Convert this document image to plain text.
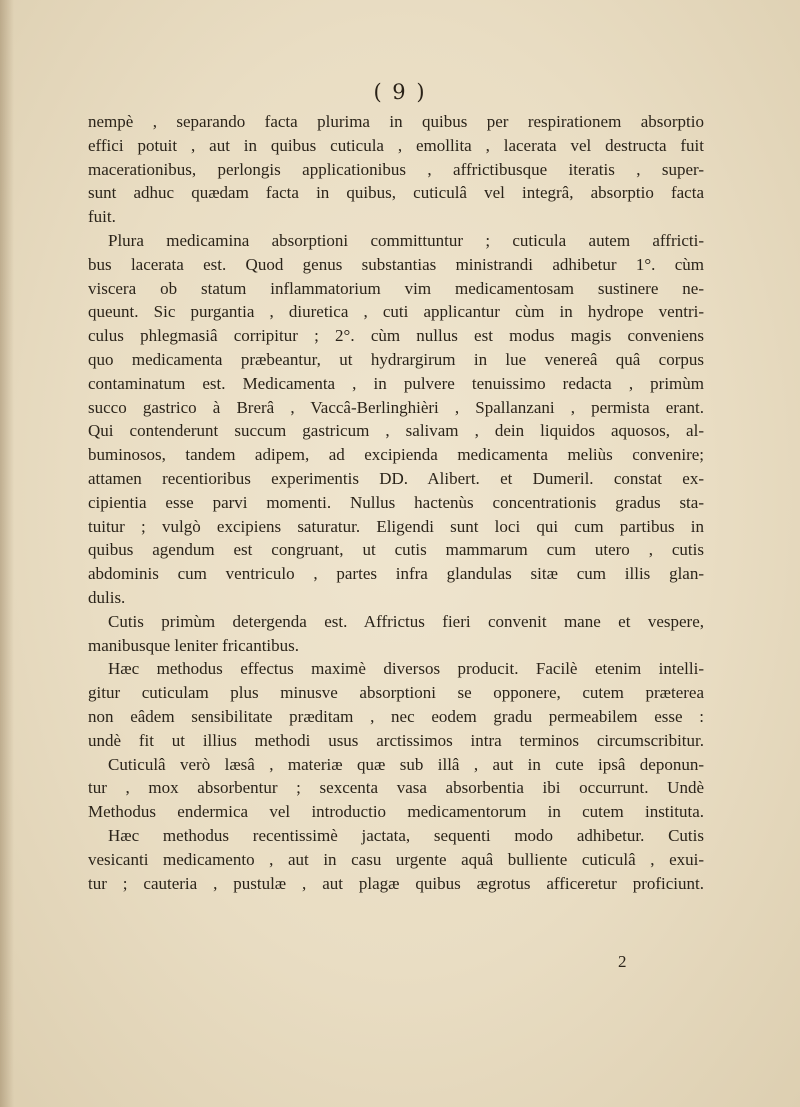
( 9 )
nempè , separando facta plurima in quibus per respirationem absorptio
effici potuit , aut in quibus cuticula , emollita , lacerata vel destructa fuit
macerationibus, perlongis applicationibus , affrictibusque iteratis , super-
sunt adhuc quædam facta in quibus, cuticulâ vel integrâ, absorptio facta
fuit.
Plura medicamina absorptioni committuntur ; cuticula autem affricti-
bus lacerata est. Quod genus substantias ministrandi adhibetur 1°. cùm
viscera ob statum inflammatorium vim medicamentosam sustinere ne-
queunt. Sic purgantia , diuretica , cuti applicantur cùm in hydrope ventri-
culus phlegmasiâ corripitur ; 2°. cùm nullus est modus magis conveniens
quo medicamenta præbeantur, ut hydrargirum in lue venereâ quâ corpus
contaminatum est. Medicamenta , in pulvere tenuissimo redacta , primùm
succo gastrico à Brerâ , Vaccâ-Berlinghièri , Spallanzani , permista erant.
Qui contenderunt succum gastricum , salivam , dein liquidos aquosos, al-
buminosos, tandem adipem, ad excipienda medicamenta meliùs convenire;
attamen recentioribus experimentis DD. Alibert. et Dumeril. constat ex-
cipientia esse parvi momenti. Nullus hactenùs concentrationis gradus sta-
tuitur ; vulgò excipiens saturatur. Eligendi sunt loci qui cum partibus in
quibus agendum est congruant, ut cutis mammarum cum utero , cutis
abdominis cum ventriculo , partes infra glandulas sitæ cum illis glan-
dulis.
Cutis primùm detergenda est. Affrictus fieri convenit mane et vespere,
manibusque leniter fricantibus.
Hæc methodus effectus maximè diversos producit. Facilè etenim intelli-
gitur cuticulam plus minusve absorptioni se opponere, cutem præterea
non eâdem sensibilitate præditam , nec eodem gradu permeabilem esse :
undè fit ut illius methodi usus arctissimos intra terminos circumscribitur.
Cuticulâ verò læsâ , materiæ quæ sub illâ , aut in cute ipsâ deponun-
tur , mox absorbentur ; sexcenta vasa absorbentia ibi occurrunt. Undè
Methodus endermica vel introductio medicamentorum in cutem instituta.
Hæc methodus recentissimè jactata, sequenti modo adhibetur. Cutis
vesicanti medicamento , aut in casu urgente aquâ bulliente cuticulâ , exui-
tur ; cauteria , pustulæ , aut plagæ quibus ægrotus afficeretur proficiunt.
2
